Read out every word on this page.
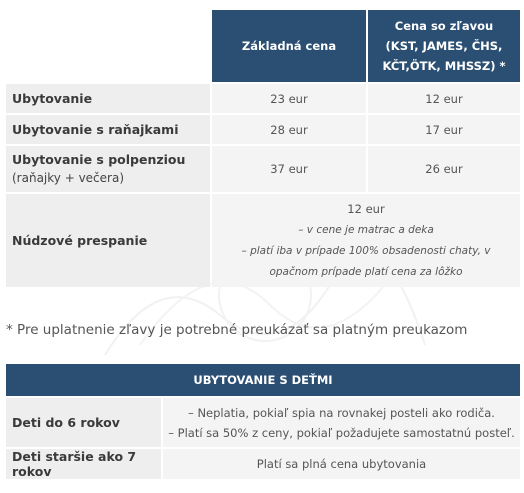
	Základná cena	Cena so zľavou
(KST, JAMES, ČHS,
KČT,ÖTK, MHSSZ) *

Ubytovanie	23 eur	12 eur
Ubytovanie s raňajkami	28 eur	17 eur

Ubytovanie s polpenziou
(raňajky + večera)	37 eur	26 eur
Núdzové prespanie	12 eur
– v cene je matrac a deka
– platí iba v prípade 100% obsadenosti chaty, v
opačnom prípade platí cena za lôžko	
* Pre uplatnenie zľavy je potrebné preukázať sa platným preukazom
UBYTOVANIE S DEŤMI	
Deti do 6 rokov	– Neplatia, pokiaľ spia na rovnakej posteli ako rodiča.
– Platí sa 50% z ceny, pokiaľ požadujete samostatnú posteľ.

Deti staršie ako 7 rokov	Platí sa plná cena ubytovania
